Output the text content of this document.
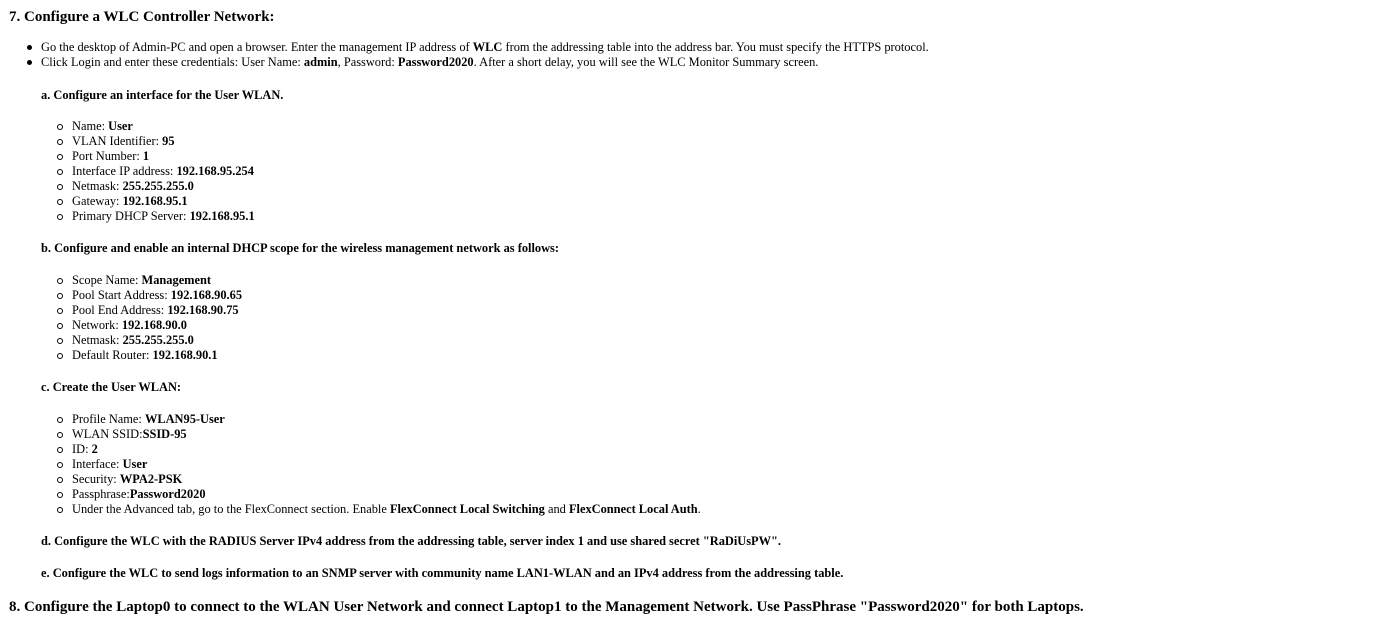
7. Configure a WLC Controller Network:
Go the desktop of Admin-PC and open a browser. Enter the management IP address of WLC from the addressing table into the address bar. You must specify the HTTPS protocol.
Click Login and enter these credentials: User Name: admin, Password: Password2020. After a short delay, you will see the WLC Monitor Summary screen.
a. Configure an interface for the User WLAN.
Name: User
VLAN Identifier: 95
Port Number: 1
Interface IP address: 192.168.95.254
Netmask: 255.255.255.0
Gateway: 192.168.95.1
Primary DHCP Server: 192.168.95.1
b. Configure and enable an internal DHCP scope for the wireless management network as follows:
Scope Name: Management
Pool Start Address: 192.168.90.65
Pool End Address: 192.168.90.75
Network: 192.168.90.0
Netmask: 255.255.255.0
Default Router: 192.168.90.1
c. Create the User WLAN:
Profile Name: WLAN95-User
WLAN SSID:SSID-95
ID: 2
Interface: User
Security: WPA2-PSK
Passphrase:Password2020
Under the Advanced tab, go to the FlexConnect section. Enable FlexConnect Local Switching and FlexConnect Local Auth.
d. Configure the WLC with the RADIUS Server IPv4 address from the addressing table, server index 1 and use shared secret "RaDiUsPW".
e. Configure the WLC to send logs information to an SNMP server with community name LAN1-WLAN and an IPv4 address from the addressing table.
8. Configure the Laptop0 to connect to the WLAN User Network and connect Laptop1 to the Management Network. Use PassPhrase "Password2020" for both Laptops.
